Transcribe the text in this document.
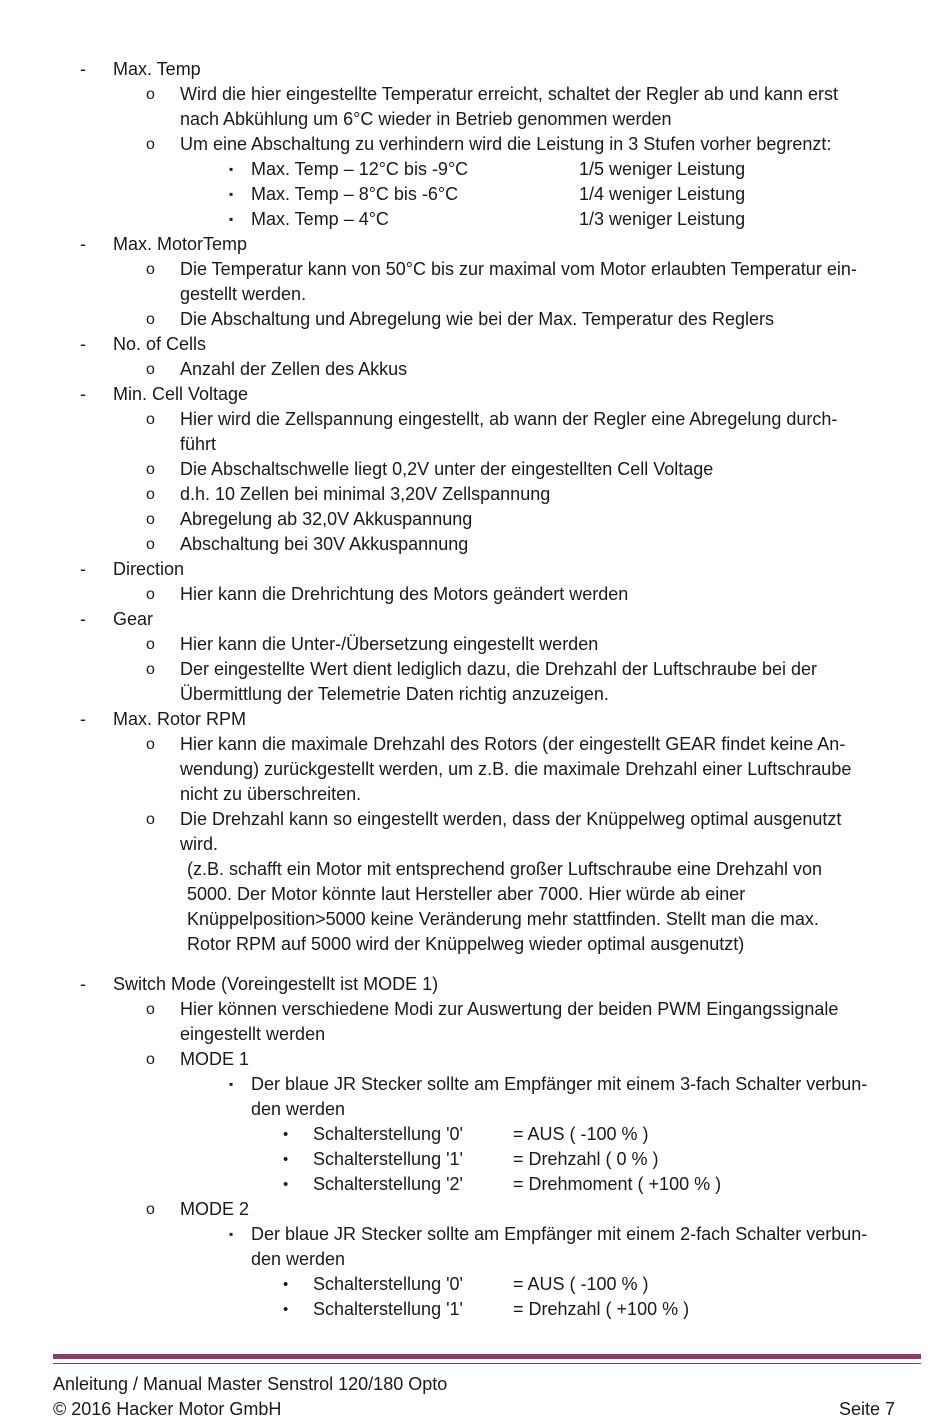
- Max. Temp
o Wird die hier eingestellte Temperatur erreicht, schaltet der Regler ab und kann erst
nach Abkühlung um 6°C wieder in Betrieb genommen werden
o Um eine Abschaltung zu verhindern wird die Leistung in 3 Stufen vorher begrenzt:
▪ Max. Temp – 12°C bis -9°C	1/5 weniger Leistung
▪ Max. Temp – 8°C bis -6°C	1/4 weniger Leistung
▪ Max. Temp – 4°C	1/3 weniger Leistung
- Max. MotorTemp
o Die Temperatur kann von 50°C bis zur maximal vom Motor erlaubten Temperatur ein-
gestellt werden.
o Die Abschaltung und Abregelung wie bei der Max. Temperatur des Reglers
- No. of Cells
o Anzahl der Zellen des Akkus
- Min. Cell Voltage
o Hier wird die Zellspannung eingestellt, ab wann der Regler eine Abregelung durch-
führt
o Die Abschaltschwelle liegt 0,2V unter der eingestellten Cell Voltage
o d.h. 10 Zellen bei minimal 3,20V Zellspannung
o Abregelung ab 32,0V Akkuspannung
o Abschaltung bei 30V Akkuspannung
- Direction
o Hier kann die Drehrichtung des Motors geändert werden
- Gear
o Hier kann die Unter-/Übersetzung eingestellt werden
o Der eingestellte Wert dient lediglich dazu, die Drehzahl der Luftschraube bei der
Übermittlung der Telemetrie Daten richtig anzuzeigen.
- Max. Rotor RPM
o Hier kann die maximale Drehzahl des Rotors (der eingestellt GEAR findet keine An-
wendung) zurückgestellt werden, um z.B. die maximale Drehzahl einer Luftschraube
nicht zu überschreiten.
o Die Drehzahl kann so eingestellt werden, dass der Knüppelweg optimal ausgenutzt
wird.
(z.B. schafft ein Motor mit entsprechend großer Luftschraube eine Drehzahl von
5000. Der Motor könnte laut Hersteller aber 7000. Hier würde ab einer
Knüppelposition>5000 keine Veränderung mehr stattfinden. Stellt man die max.
Rotor RPM auf 5000 wird der Knüppelweg wieder optimal ausgenutzt)
- Switch Mode (Voreingestellt ist MODE 1)
o Hier können verschiedene Modi zur Auswertung der beiden PWM Eingangssignale
eingestellt werden
o MODE 1
▪ Der blaue JR Stecker sollte am Empfänger mit einem 3-fach Schalter verbun-
den werden
• Schalterstellung '0'	= AUS ( -100 % )
• Schalterstellung '1'	= Drehzahl ( 0 % )
• Schalterstellung '2'	= Drehmoment ( +100 % )
o MODE 2
▪ Der blaue JR Stecker sollte am Empfänger mit einem 2-fach Schalter verbun-
den werden
• Schalterstellung '0'	= AUS ( -100 % )
• Schalterstellung '1'	= Drehzahl ( +100 % )
Anleitung / Manual Master Senstrol 120/180 Opto
© 2016 Hacker Motor GmbH	Seite 7
